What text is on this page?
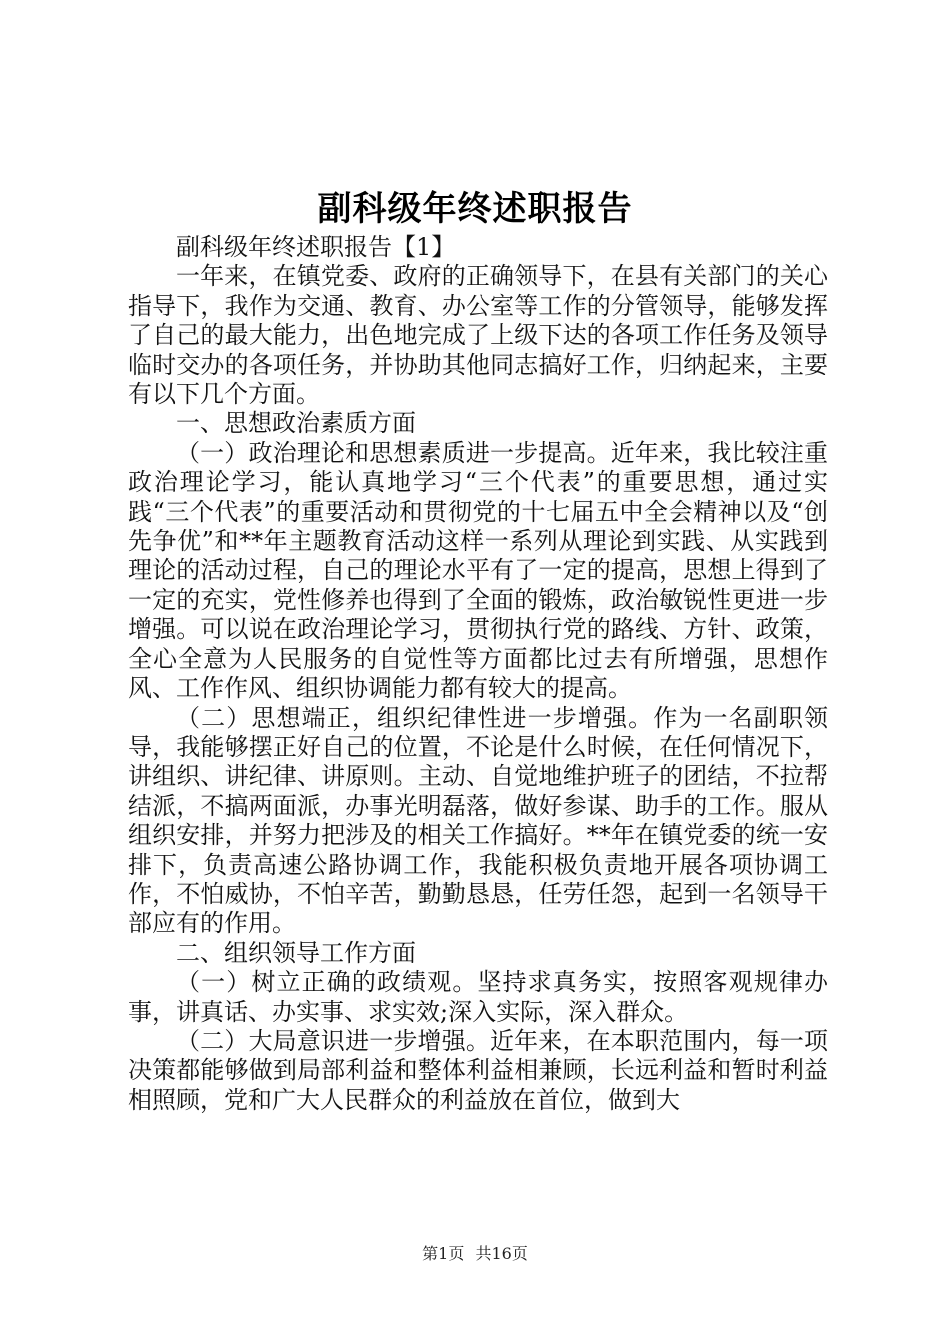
副科级年终述职报告

副科级年终述职报告【1】

一年来，在镇党委、政府的正确领导下，在县有关部门的关心指导下，我作为交通、教育、办公室等工作的分管领导，能够发挥了自己的最大能力，出色地完成了上级下达的各项工作任务及领导临时交办的各项任务，并协助其他同志搞好工作，归纳起来，主要有以下几个方面。

一、思想政治素质方面

（一）政治理论和思想素质进一步提高。近年来，我比较注重政治理论学习，能认真地学习“三个代表”的重要思想，通过实践“三个代表”的重要活动和贯彻党的十七届五中全会精神以及“创先争优”和**年主题教育活动这样一系列从理论到实践、从实践到理论的活动过程，自己的理论水平有了一定的提高，思想上得到了一定的充实，党性修养也得到了全面的锻炼，政治敏锐性更进一步增强。可以说在政治理论学习，贯彻执行党的路线、方针、政策，全心全意为人民服务的自觉性等方面都比过去有所增强，思想作风、工作作风、组织协调能力都有较大的提高。

（二）思想端正，组织纪律性进一步增强。作为一名副职领导，我能够摆正好自己的位置，不论是什么时候，在任何情况下，讲组织、讲纪律、讲原则。主动、自觉地维护班子的团结，不拉帮结派，不搞两面派，办事光明磊落，做好参谋、助手的工作。服从组织安排，并努力把涉及的相关工作搞好。**年在镇党委的统一安排下，负责高速公路协调工作，我能积极负责地开展各项协调工作，不怕威协，不怕辛苦，勤勤恳恳，任劳任怨，起到一名领导干部应有的作用。

二、组织领导工作方面

（一）树立正确的政绩观。坚持求真务实，按照客观规律办事，讲真话、办实事、求实效;深入实际，深入群众。

（二）大局意识进一步增强。近年来，在本职范围内，每一项决策都能够做到局部利益和整体利益相兼顾，长远利益和暂时利益相照顾，党和广大人民群众的利益放在首位，做到大

第1页 共16页
